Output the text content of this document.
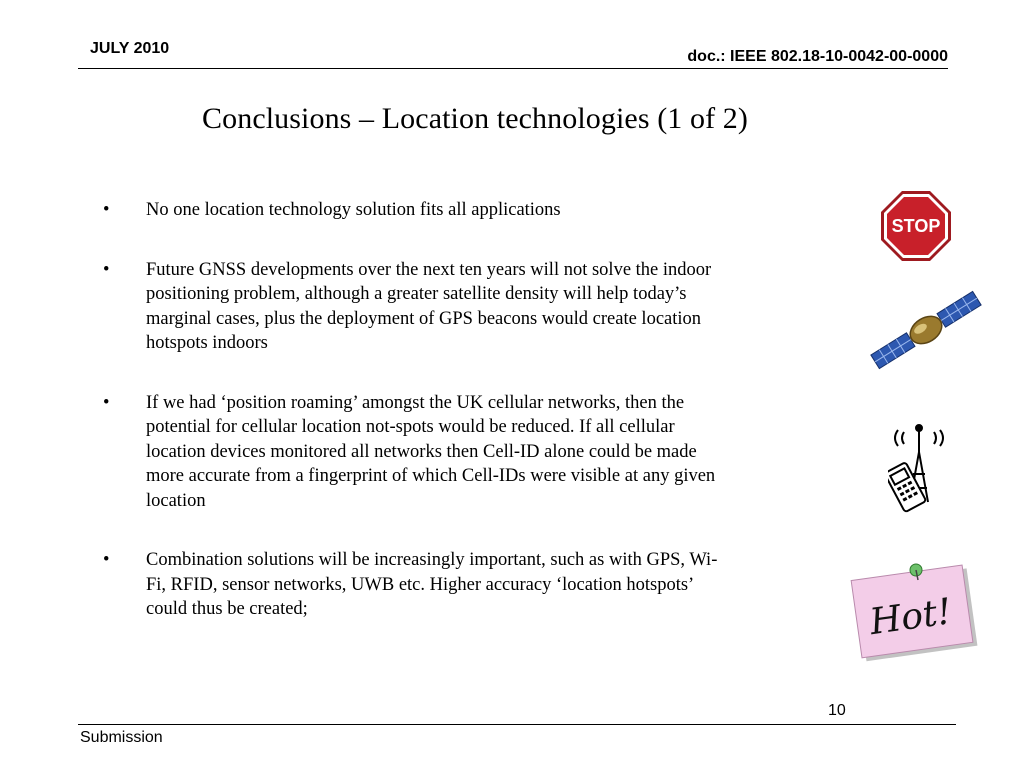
JULY 2010	doc.: IEEE 802.18-10-0042-00-0000
Conclusions – Location technologies (1 of 2)
• No one location technology solution fits all applications
• Future GNSS developments over the next ten years will not solve the indoor positioning problem, although a greater satellite density will help today’s marginal cases, plus the deployment of GPS beacons would create location hotspots indoors
• If we had ‘position roaming’ amongst the UK cellular networks, then the potential for cellular location not-spots would be reduced. If all cellular location devices monitored all networks then Cell-ID alone could be made more accurate from a fingerprint of which Cell-IDs were visible at any given location
• Combination solutions will be increasingly important, such as with GPS, Wi-Fi, RFID, sensor networks, UWB etc. Higher accuracy ‘location hotspots’ could thus be created;
STOP
Hot!
10
Submission
